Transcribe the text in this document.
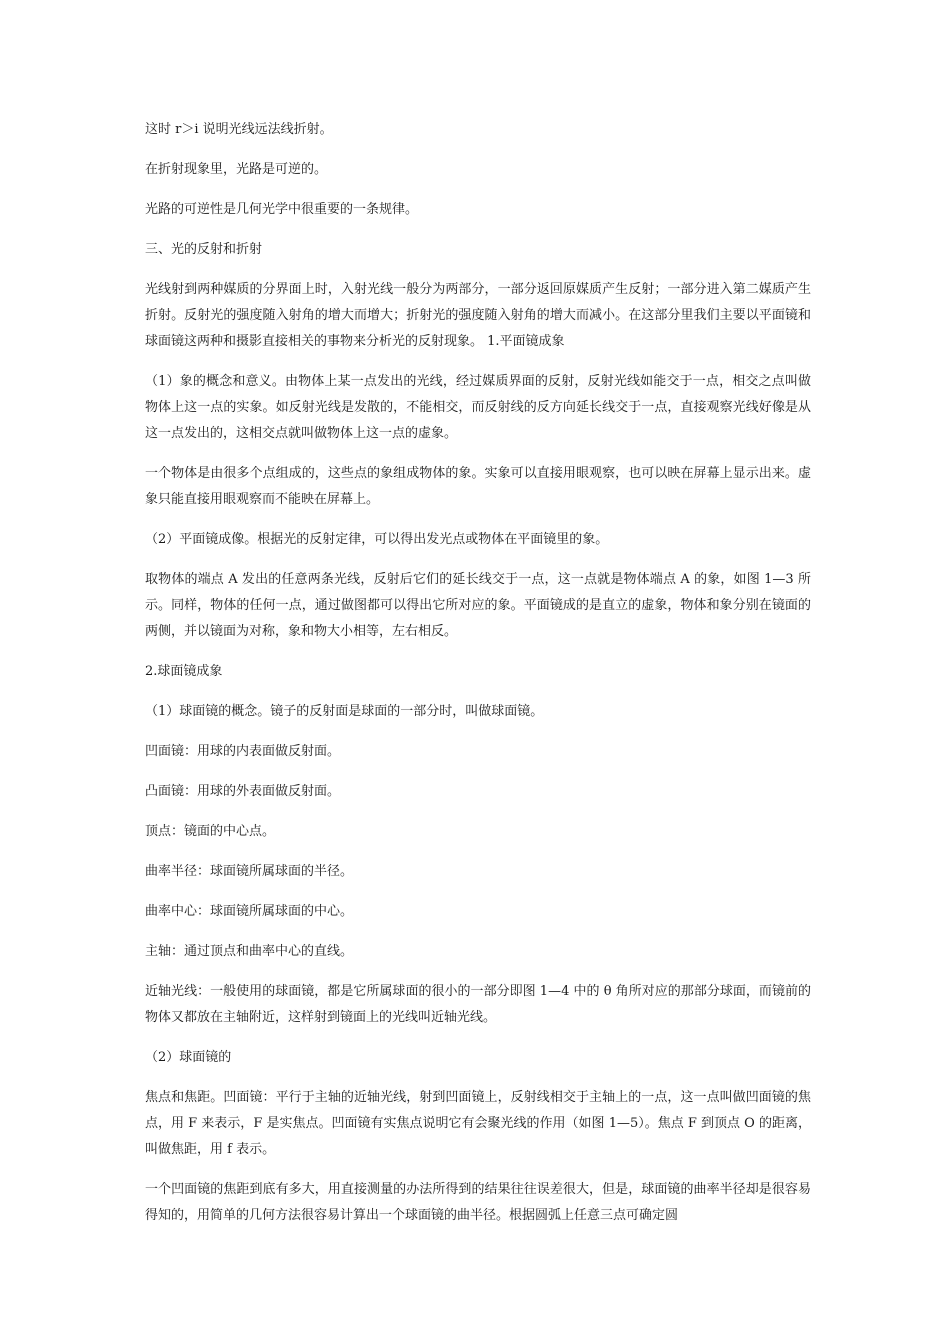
这时 r＞i 说明光线远法线折射。

在折射现象里，光路是可逆的。

光路的可逆性是几何光学中很重要的一条规律。

三、光的反射和折射

光线射到两种媒质的分界面上时，入射光线一般分为两部分，一部分返回原媒质产生反射；一部分进入第二媒质产生折射。反射光的强度随入射角的增大而增大；折射光的强度随入射角的增大而减小。在这部分里我们主要以平面镜和球面镜这两种和摄影直接相关的事物来分析光的反射现象。 1.平面镜成象

（1）象的概念和意义。由物体上某一点发出的光线，经过媒质界面的反射，反射光线如能交于一点，相交之点叫做物体上这一点的实象。如反射光线是发散的，不能相交，而反射线的反方向延长线交于一点，直接观察光线好像是从这一点发出的，这相交点就叫做物体上这一点的虚象。

一个物体是由很多个点组成的，这些点的象组成物体的象。实象可以直接用眼观察，也可以映在屏幕上显示出来。虚象只能直接用眼观察而不能映在屏幕上。

（2）平面镜成像。根据光的反射定律，可以得出发光点或物体在平面镜里的象。

取物体的端点 A 发出的任意两条光线，反射后它们的延长线交于一点，这一点就是物体端点 A 的象，如图 1—3 所示。同样，物体的任何一点，通过做图都可以得出它所对应的象。平面镜成的是直立的虚象，物体和象分别在镜面的两侧，并以镜面为对称，象和物大小相等，左右相反。

2.球面镜成象

（1）球面镜的概念。镜子的反射面是球面的一部分时，叫做球面镜。

凹面镜：用球的内表面做反射面。

凸面镜：用球的外表面做反射面。

顶点：镜面的中心点。

曲率半径：球面镜所属球面的半径。

曲率中心：球面镜所属球面的中心。

主轴：通过顶点和曲率中心的直线。

近轴光线：一般使用的球面镜，都是它所属球面的很小的一部分即图 1—4 中的 θ 角所对应的那部分球面，而镜前的物体又都放在主轴附近，这样射到镜面上的光线叫近轴光线。

（2）球面镜的

焦点和焦距。凹面镜：平行于主轴的近轴光线，射到凹面镜上，反射线相交于主轴上的一点，这一点叫做凹面镜的焦点，用 F 来表示，F 是实焦点。凹面镜有实焦点说明它有会聚光线的作用（如图 1—5）。焦点 F 到顶点 O 的距离，叫做焦距，用 f 表示。

一个凹面镜的焦距到底有多大，用直接测量的办法所得到的结果往往误差很大，但是，球面镜的曲率半径却是很容易得知的，用简单的几何方法很容易计算出一个球面镜的曲半径。根据圆弧上任意三点可确定圆
